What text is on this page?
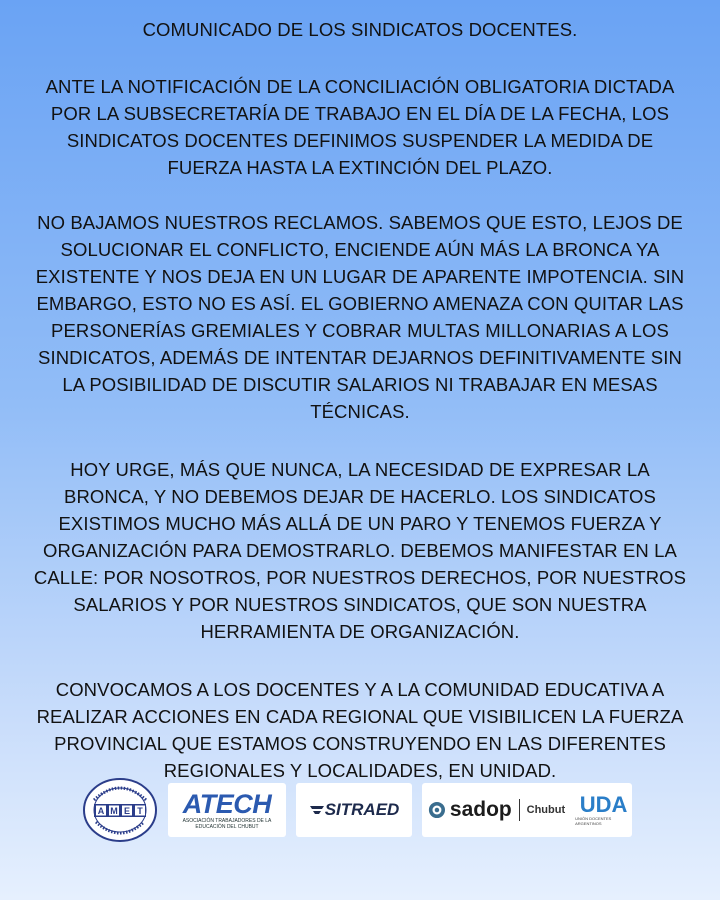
COMUNICADO DE LOS SINDICATOS DOCENTES.
ANTE LA NOTIFICACIÓN DE LA CONCILIACIÓN OBLIGATORIA DICTADA
POR LA SUBSECRETARÍA DE TRABAJO EN EL DÍA DE LA FECHA, LOS
SINDICATOS DOCENTES DEFINIMOS SUSPENDER LA MEDIDA DE
FUERZA HASTA LA EXTINCIÓN DEL PLAZO.
NO BAJAMOS NUESTROS RECLAMOS. SABEMOS QUE ESTO, LEJOS DE
SOLUCIONAR EL CONFLICTO, ENCIENDE AÚN MÁS LA BRONCA YA
EXISTENTE Y NOS DEJA EN UN LUGAR DE APARENTE IMPOTENCIA. SIN
EMBARGO, ESTO NO ES ASÍ. EL GOBIERNO AMENAZA CON QUITAR LAS
PERSONERÍAS GREMIALES Y COBRAR MULTAS MILLONARIAS A LOS
SINDICATOS, ADEMÁS DE INTENTAR DEJARNOS DEFINITIVAMENTE SIN
LA POSIBILIDAD DE DISCUTIR SALARIOS NI TRABAJAR EN MESAS
TÉCNICAS.
HOY URGE, MÁS QUE NUNCA, LA NECESIDAD DE EXPRESAR LA
BRONCA, Y NO DEBEMOS DEJAR DE HACERLO. LOS SINDICATOS
EXISTIMOS MUCHO MÁS ALLÁ DE UN PARO Y TENEMOS FUERZA Y
ORGANIZACIÓN PARA DEMOSTRARLO. DEBEMOS MANIFESTAR EN LA
CALLE: POR NOSOTROS, POR NUESTROS DERECHOS, POR NUESTROS
SALARIOS Y POR NUESTROS SINDICATOS, QUE SON NUESTRA
HERRAMIENTA DE ORGANIZACIÓN.
CONVOCAMOS A LOS DOCENTES Y A LA COMUNIDAD EDUCATIVA A
REALIZAR ACCIONES EN CADA REGIONAL QUE VISIBILICEN LA FUERZA
PROVINCIAL QUE ESTAMOS CONSTRUYENDO EN LAS DIFERENTES
REGIONALES Y LOCALIDADES, EN UNIDAD.
A M E T ATECH
ASOCIACIÓN TRABAJADORES DE LA EDUCACIÓN DEL CHUBUT
SITRAED sadop Chubut UDA
UNIÓN DOCENTES ARGENTINOS
